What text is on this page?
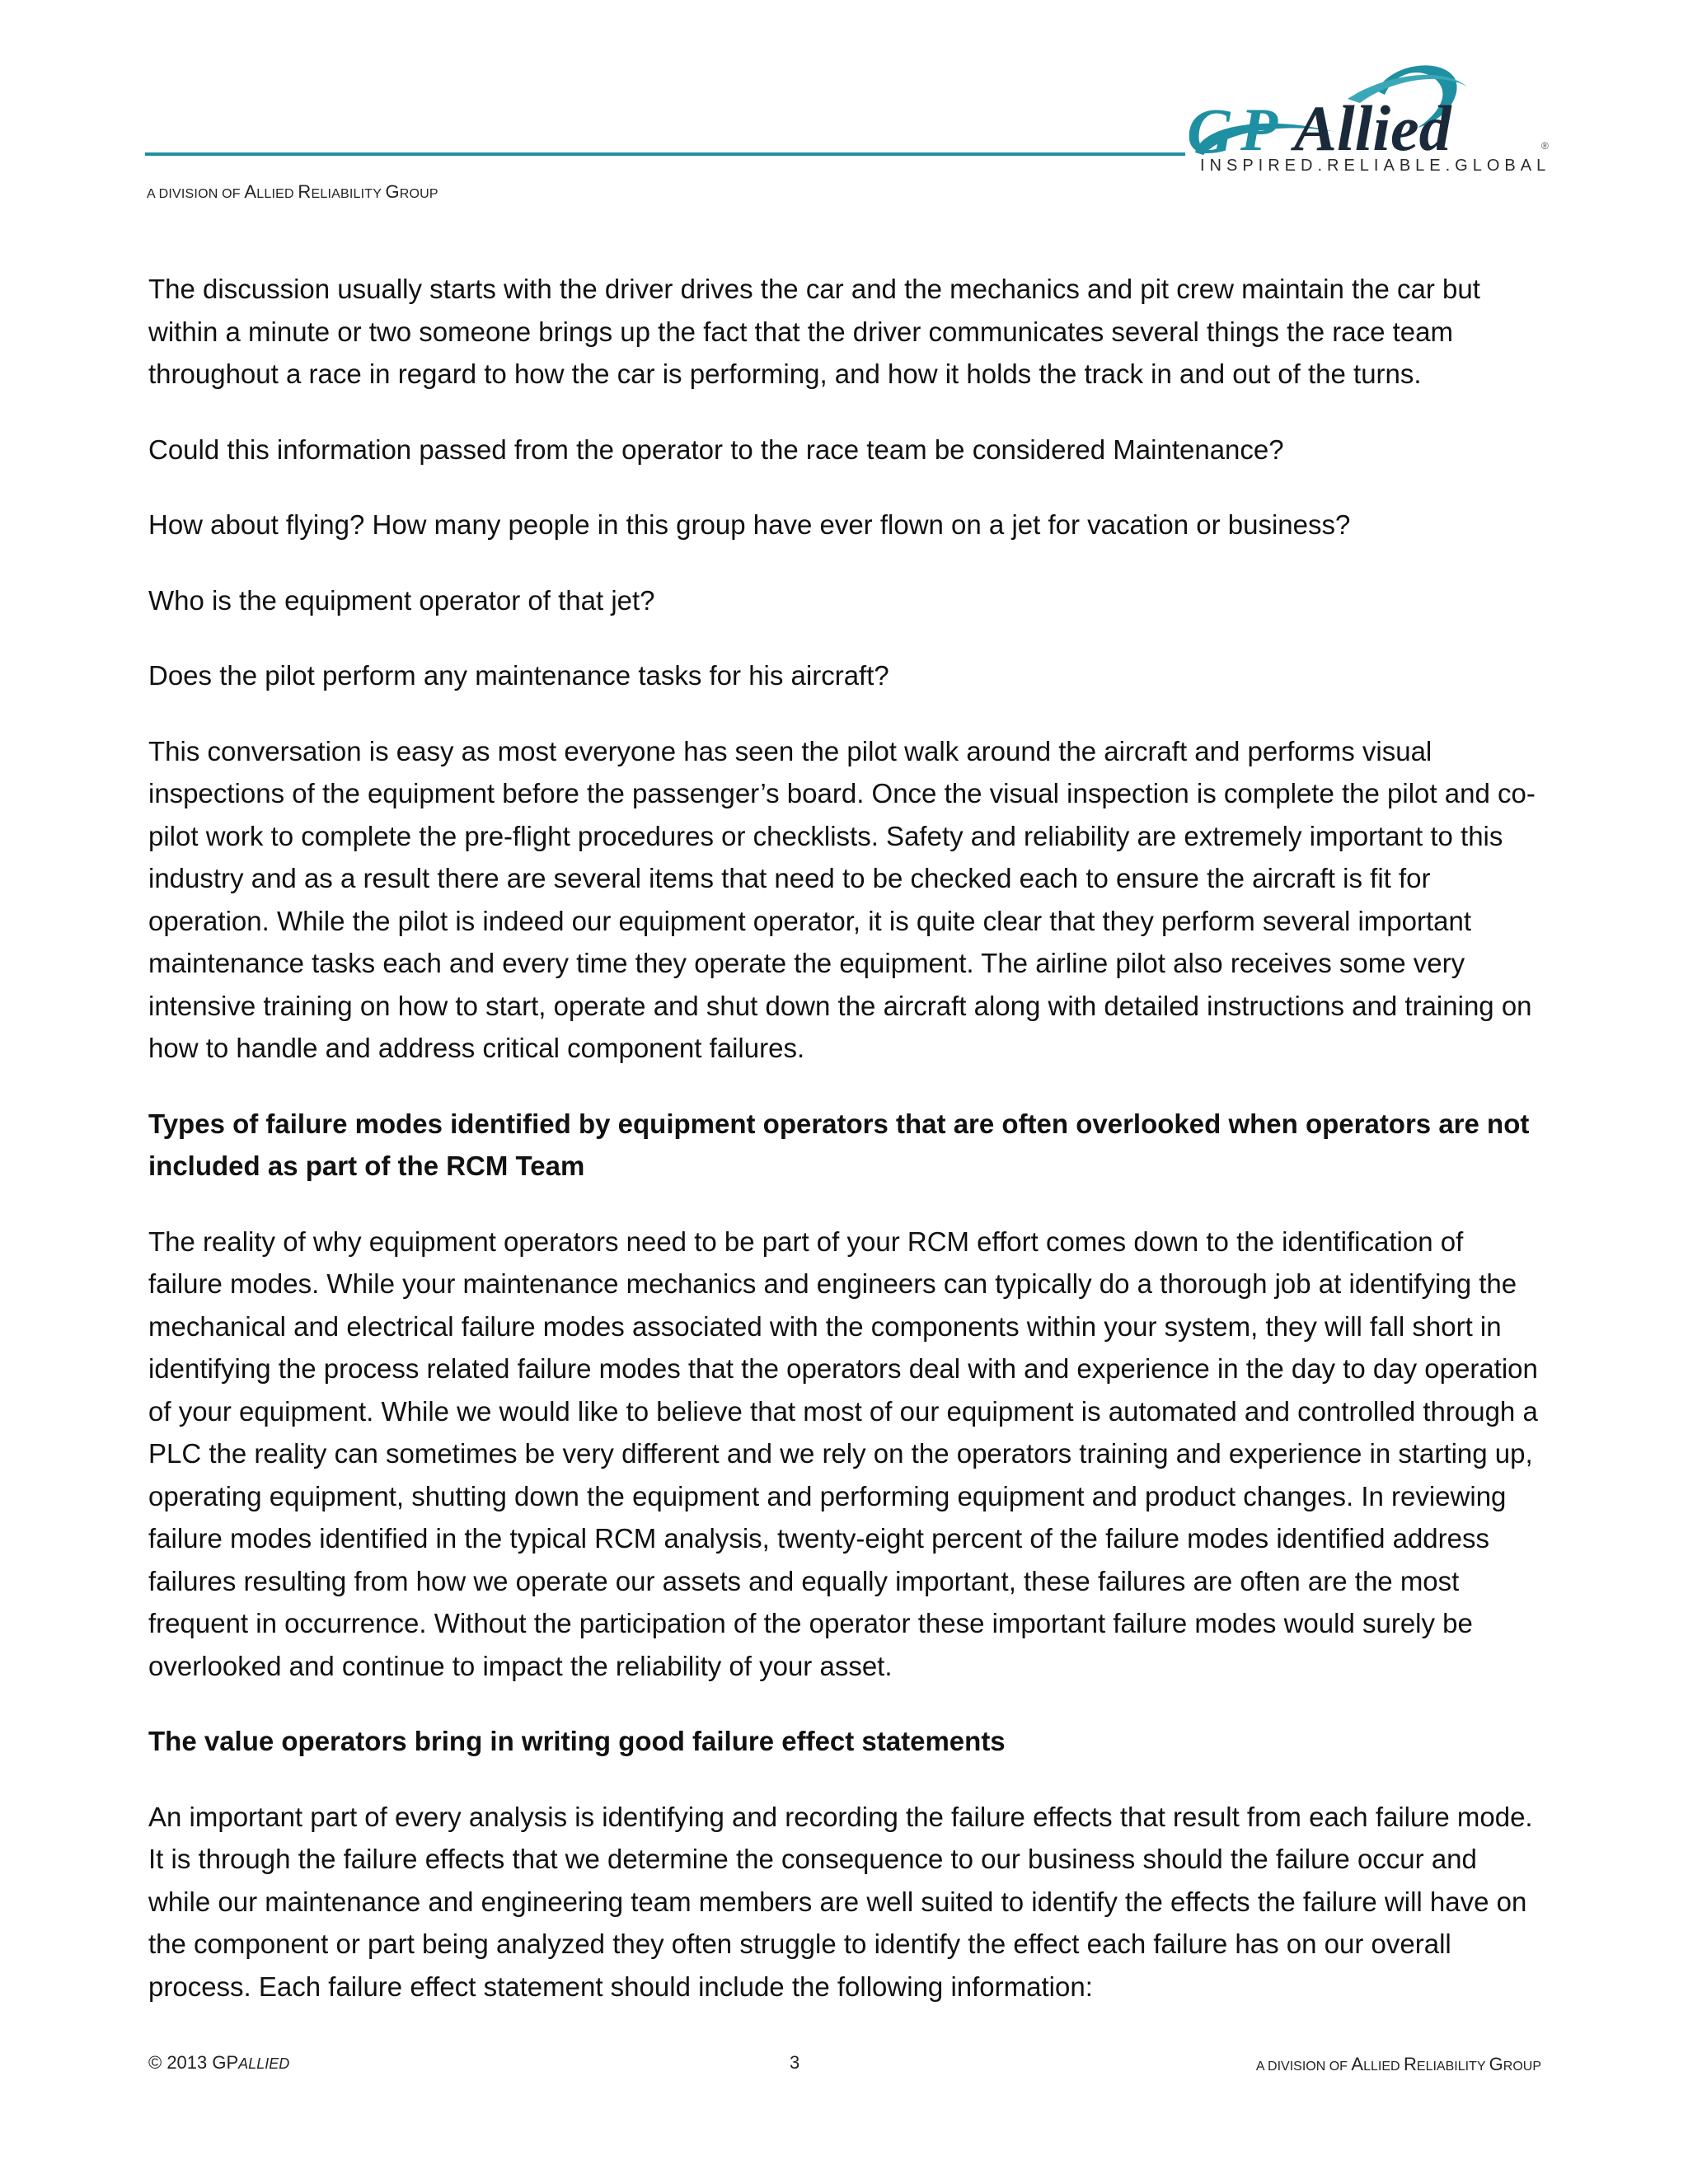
A DIVISION OF ALLIED RELIABILITY GROUP
G P Allied
INSPIRED.RELIABLE.GLOBAL
®

The discussion usually starts with the driver drives the car and the mechanics and pit crew maintain the car but within a minute or two someone brings up the fact that the driver communicates several things the race team throughout a race in regard to how the car is performing, and how it holds the track in and out of the turns.

Could this information passed from the operator to the race team be considered Maintenance?

How about flying? How many people in this group have ever flown on a jet for vacation or business?

Who is the equipment operator of that jet?

Does the pilot perform any maintenance tasks for his aircraft?

This conversation is easy as most everyone has seen the pilot walk around the aircraft and performs visual inspections of the equipment before the passenger’s board. Once the visual inspection is complete the pilot and co-pilot work to complete the pre-flight procedures or checklists. Safety and reliability are extremely important to this industry and as a result there are several items that need to be checked each to ensure the aircraft is fit for operation. While the pilot is indeed our equipment operator, it is quite clear that they perform several important maintenance tasks each and every time they operate the equipment. The airline pilot also receives some very intensive training on how to start, operate and shut down the aircraft along with detailed instructions and training on how to handle and address critical component failures.

Types of failure modes identified by equipment operators that are often overlooked when operators are not included as part of the RCM Team

The reality of why equipment operators need to be part of your RCM effort comes down to the identification of failure modes. While your maintenance mechanics and engineers can typically do a thorough job at identifying the mechanical and electrical failure modes associated with the components within your system, they will fall short in identifying the process related failure modes that the operators deal with and experience in the day to day operation of your equipment. While we would like to believe that most of our equipment is automated and controlled through a PLC the reality can sometimes be very different and we rely on the operators training and experience in starting up, operating equipment, shutting down the equipment and performing equipment and product changes. In reviewing failure modes identified in the typical RCM analysis, twenty-eight percent of the failure modes identified address failures resulting from how we operate our assets and equally important, these failures are often are the most frequent in occurrence. Without the participation of the operator these important failure modes would surely be overlooked and continue to impact the reliability of your asset.

The value operators bring in writing good failure effect statements

An important part of every analysis is identifying and recording the failure effects that result from each failure mode. It is through the failure effects that we determine the consequence to our business should the failure occur and while our maintenance and engineering team members are well suited to identify the effects the failure will have on the component or part being analyzed they often struggle to identify the effect each failure has on our overall process. Each failure effect statement should include the following information:

© 2013 GPALLIED	3	A DIVISION OF ALLIED RELIABILITY GROUP
